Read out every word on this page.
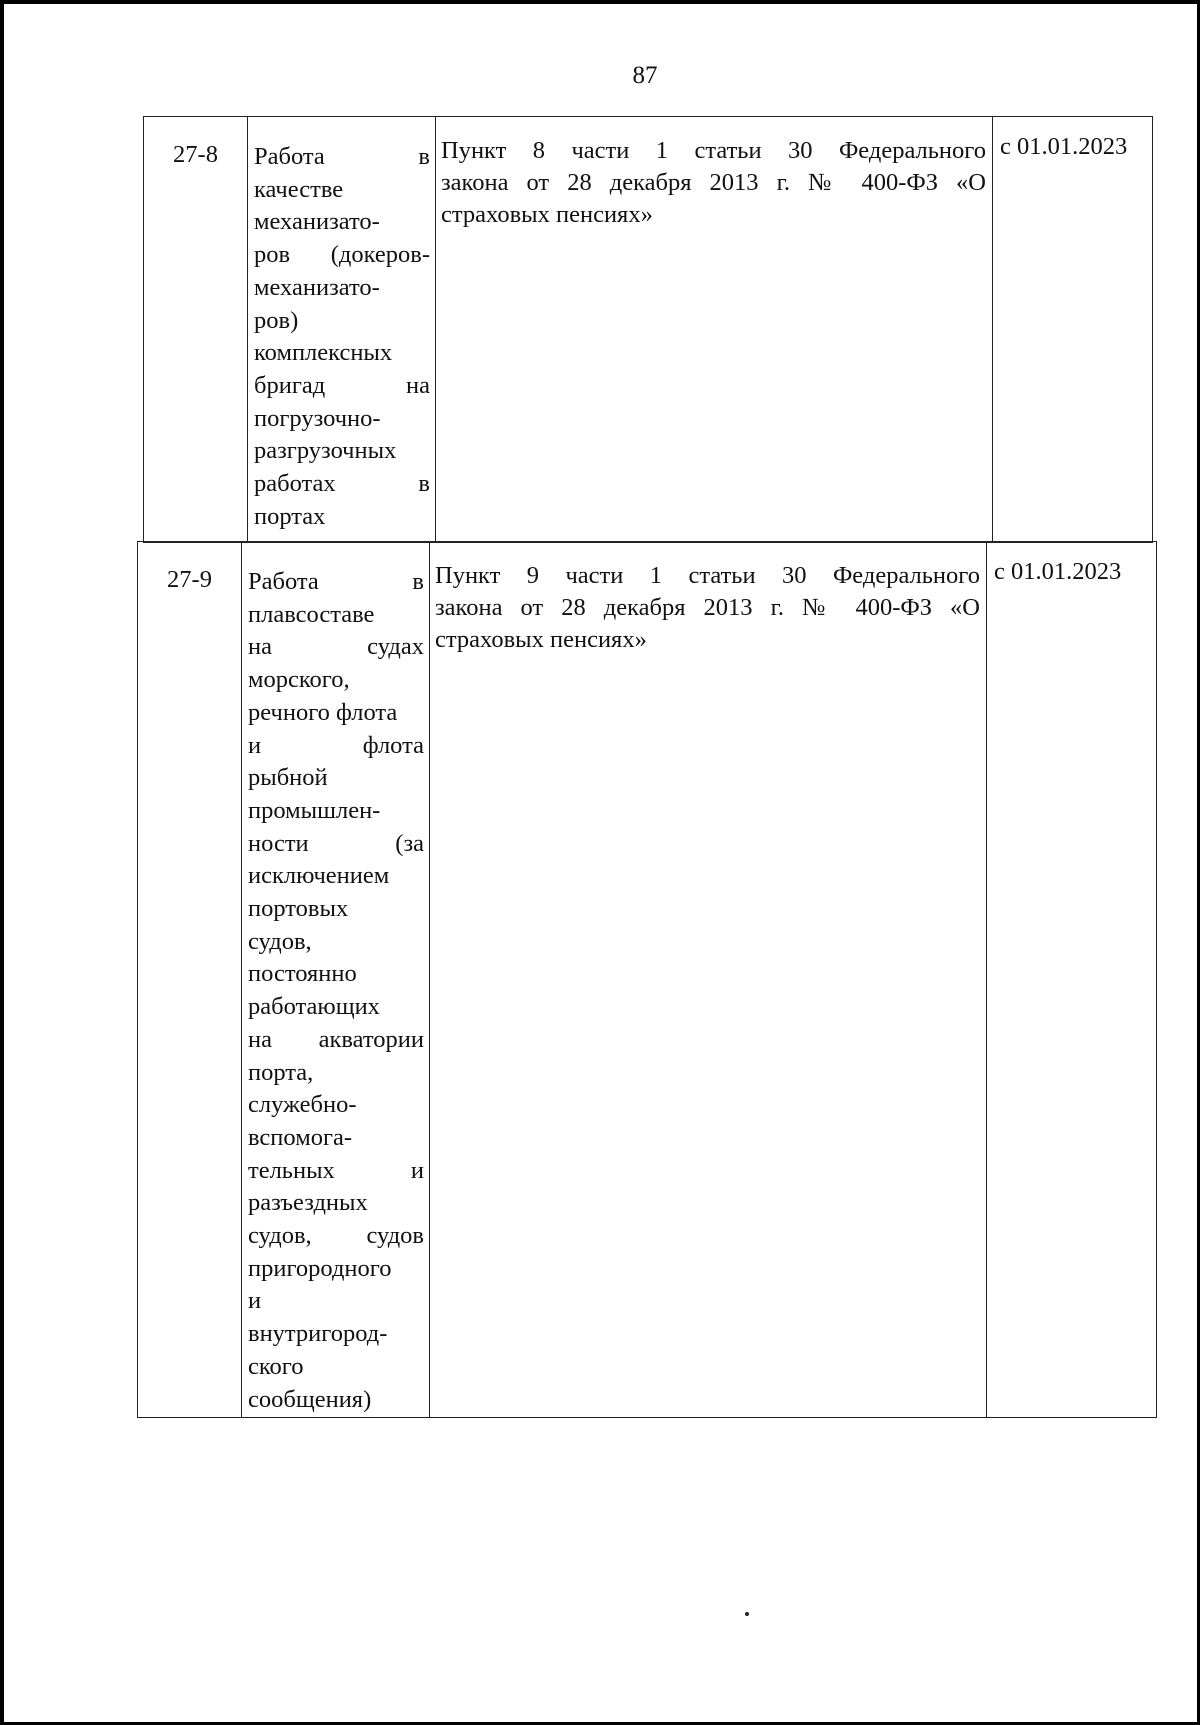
87
27-8	Работа в
качестве
механизато-
ров (докеров-
механизато-
ров)
комплексных
бригад на
погрузочно-
разгрузочных
работах в
портах
Пункт 8 части 1 статьи 30 Федерального
закона от 28 декабря 2013 г. № 400-ФЗ «О
страховых пенсиях»
с 01.01.2023
27-9	Работа в
плавсоставе
на судах
морского,
речного флота
и флота
рыбной
промышлен-
ности (за
исключением
портовых
судов,
постоянно
работающих
на акватории
порта,
служебно-
вспомога-
тельных и
разъездных
судов, судов
пригородного
и
внутригород-
ского
сообщения)
Пункт 9 части 1 статьи 30 Федерального
закона от 28 декабря 2013 г. № 400-ФЗ «О
страховых пенсиях»
с 01.01.2023
